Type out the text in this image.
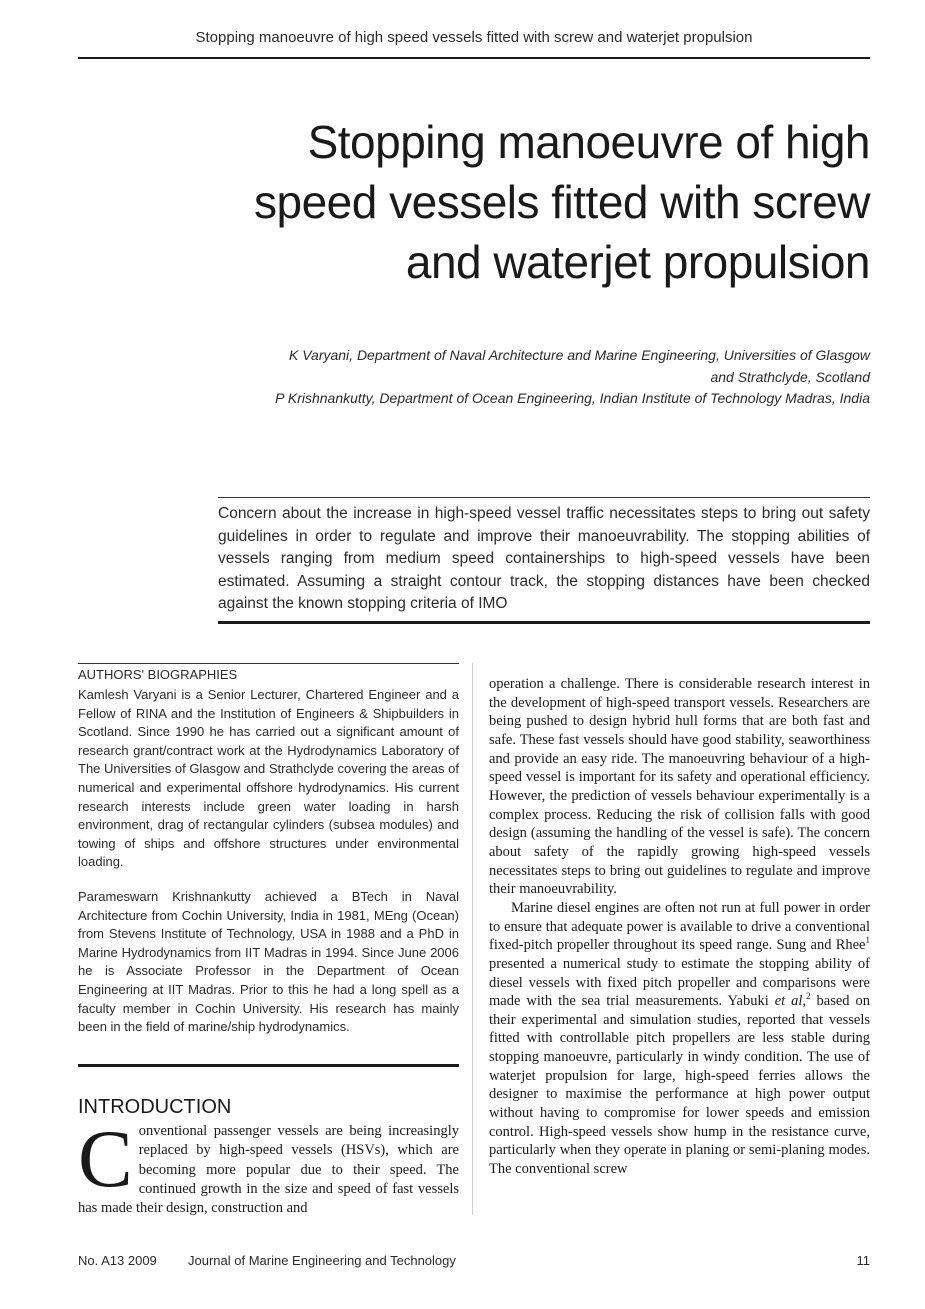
Stopping manoeuvre of high speed vessels fitted with screw and waterjet propulsion
Stopping manoeuvre of high
speed vessels fitted with screw
and waterjet propulsion
K Varyani, Department of Naval Architecture and Marine Engineering, Universities of Glasgow
and Strathclyde, Scotland
P Krishnankutty, Department of Ocean Engineering, Indian Institute of Technology Madras, India
Concern about the increase in high-speed vessel traffic necessitates steps to bring out safety guidelines in order to regulate and improve their manoeuvrability. The stopping abilities of vessels ranging from medium speed containerships to high-speed vessels have been estimated. Assuming a straight contour track, the stopping distances have been checked against the known stopping criteria of IMO
AUTHORS' BIOGRAPHIES

Kamlesh Varyani is a Senior Lecturer, Chartered Engineer and a Fellow of RINA and the Institution of Engineers & Shipbuilders in Scotland. Since 1990 he has carried out a significant amount of research grant/contract work at the Hydrodynamics Laboratory of The Universities of Glasgow and Strathclyde covering the areas of numerical and experimental offshore hydrodynamics. His current research interests include green water loading in harsh environment, drag of rectangular cylinders (subsea modules) and towing of ships and offshore structures under environmental loading.

Parameswarn Krishnankutty achieved a BTech in Naval Architecture from Cochin University, India in 1981, MEng (Ocean) from Stevens Institute of Technology, USA in 1988 and a PhD in Marine Hydrodynamics from IIT Madras in 1994. Since June 2006 he is Associate Professor in the Department of Ocean Engineering at IIT Madras. Prior to this he had a long spell as a faculty member in Cochin University. His research has mainly been in the field of marine/ship hydrodynamics.

INTRODUCTION
C onventional passenger vessels are being increasingly replaced by high-speed vessels (HSVs), which are becoming more popular due to their speed. The continued growth in the size and speed of fast vessels has made their design, construction and

operation a challenge. There is considerable research interest in the development of high-speed transport vessels. Researchers are being pushed to design hybrid hull forms that are both fast and safe. These fast vessels should have good stability, seaworthiness and provide an easy ride. The manoeuvring behaviour of a high-speed vessel is important for its safety and operational efficiency. However, the prediction of vessels behaviour experimentally is a complex process. Reducing the risk of collision falls with good design (assuming the handling of the vessel is safe). The concern about safety of the rapidly growing high-speed vessels necessitates steps to bring out guidelines to regulate and improve their manoeuvrability.

Marine diesel engines are often not run at full power in order to ensure that adequate power is available to drive a conventional fixed-pitch propeller throughout its speed range. Sung and Rhee$^1$ presented a numerical study to estimate the stopping ability of diesel vessels with fixed pitch propeller and comparisons were made with the sea trial measurements. Yabuki et al,$^2$ based on their experimental and simulation studies, reported that vessels fitted with controllable pitch propellers are less stable during stopping manoeuvre, particularly in windy condition. The use of waterjet propulsion for large, high-speed ferries allows the designer to maximise the performance at high power output without having to compromise for lower speeds and emission control. High-speed vessels show hump in the resistance curve, particularly when they operate in planing or semi-planing modes. The conventional screw

No. A13 2009 Journal of Marine Engineering and Technology	11
